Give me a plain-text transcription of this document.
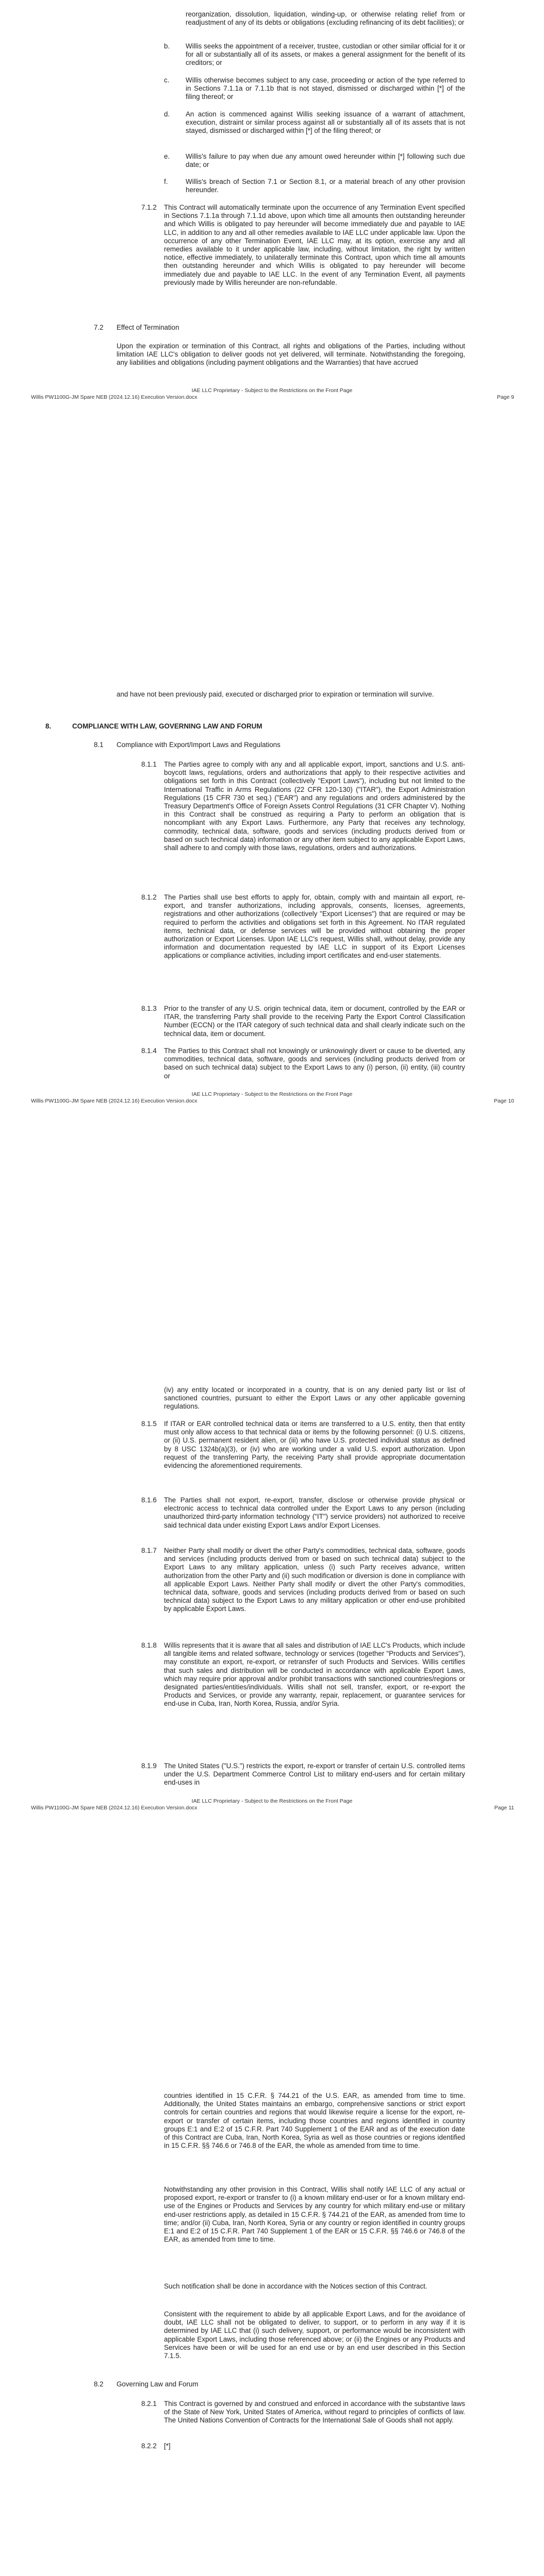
reorganization, dissolution, liquidation, winding-up, or otherwise relating relief from or readjustment of any of its debts or obligations (excluding refinancing of its debt facilities); or

b. Willis seeks the appointment of a receiver, trustee, custodian or other similar official for it or for all or substantially all of its assets, or makes a general assignment for the benefit of its creditors; or

c. Willis otherwise becomes subject to any case, proceeding or action of the type referred to in Sections 7.1.1a or 7.1.1b that is not stayed, dismissed or discharged within [*] of the filing thereof; or

d. An action is commenced against Willis seeking issuance of a warrant of attachment, execution, distraint or similar process against all or substantially all of its assets that is not stayed, dismissed or discharged within [*] of the filing thereof; or

e. Willis's failure to pay when due any amount owed hereunder within [*] following such due date; or

f.	Willis's breach of Section 7.1 or Section 8.1, or a material breach of any other provision hereunder.

7.1.2 This Contract will automatically terminate upon the occurrence of any Termination Event specified in Sections 7.1.1a through 7.1.1d above, upon which time all amounts then outstanding hereunder and which Willis is obligated to pay hereunder will become immediately due and payable to IAE LLC, in addition to any and all other remedies available to IAE LLC under applicable law. Upon the occurrence of any other Termination Event, IAE LLC may, at its option, exercise any and all remedies available to it under applicable law, including, without limitation, the right by written notice, effective immediately, to unilaterally terminate this Contract, upon which time all amounts then outstanding hereunder and which Willis is obligated to pay hereunder will become immediately due and payable to IAE LLC. In the event of any Termination Event, all payments previously made by Willis hereunder are non-refundable.

7.2 Effect of Termination

Upon the expiration or termination of this Contract, all rights and obligations of the Parties, including without limitation IAE LLC's obligation to deliver goods not yet delivered, will terminate. Notwithstanding the foregoing, any liabilities and obligations (including payment obligations and the Warranties) that have accrued

IAE LLC Proprietary - Subject to the Restrictions on the Front Page

Willis PW1100G-JM Spare NEB (2024.12.16) Execution Version.docx	Page 9

and have not been previously paid, executed or discharged prior to expiration or termination will survive.

8.	COMPLIANCE WITH LAW, GOVERNING LAW AND FORUM

8.1 Compliance with Export/Import Laws and Regulations

8.1.1 The Parties agree to comply with any and all applicable export, import, sanctions and U.S. anti-boycott laws, regulations, orders and authorizations that apply to their respective activities and obligations set forth in this Contract (collectively "Export Laws"), including but not limited to the International Traffic in Arms Regulations (22 CFR 120-130) ("ITAR"), the Export Administration Regulations (15 CFR 730 et seq.) ("EAR") and any regulations and orders administered by the Treasury Department's Office of Foreign Assets Control Regulations (31 CFR Chapter V). Nothing in this Contract shall be construed as requiring a Party to perform an obligation that is noncompliant with any Export Laws. Furthermore, any Party that receives any technology, commodity, technical data, software, goods and services (including products derived from or based on such technical data) information or any other item subject to any applicable Export Laws, shall adhere to and comply with those laws, regulations, orders and authorizations.

8.1.2 The Parties shall use best efforts to apply for, obtain, comply with and maintain all export, re-export, and transfer authorizations, including approvals, consents, licenses, agreements, registrations and other authorizations (collectively "Export Licenses") that are required or may be required to perform the activities and obligations set forth in this Agreement. No ITAR regulated items, technical data, or defense services will be provided without obtaining the proper authorization or Export Licenses. Upon IAE LLC's request, Willis shall, without delay, provide any information and documentation requested by IAE LLC in support of its Export Licenses applications or compliance activities, including import certificates and end-user statements.

8.1.3 Prior to the transfer of any U.S. origin technical data, item or document, controlled by the EAR or ITAR, the transferring Party shall provide to the receiving Party the Export Control Classification Number (ECCN) or the ITAR category of such technical data and shall clearly indicate such on the technical data, item or document.

8.1.4 The Parties to this Contract shall not knowingly or unknowingly divert or cause to be diverted, any commodities, technical data, software, goods and services (including products derived from or based on such technical data) subject to the Export Laws to any (i) person, (ii) entity, (iii) country or

IAE LLC Proprietary - Subject to the Restrictions on the Front Page

Willis PW1100G-JM Spare NEB (2024.12.16) Execution Version.docx	Page 10

(iv) any entity located or incorporated in a country, that is on any denied party list or list of sanctioned countries, pursuant to either the Export Laws or any other applicable governing regulations.

8.1.5 If ITAR or EAR controlled technical data or items are transferred to a U.S. entity, then that entity must only allow access to that technical data or items by the following personnel: (i) U.S. citizens, or (ii) U.S. permanent resident alien, or (iii) who have U.S. protected individual status as defined by 8 USC 1324b(a)(3), or (iv) who are working under a valid U.S. export authorization. Upon request of the transferring Party, the receiving Party shall provide appropriate documentation evidencing the aforementioned requirements.

8.1.6 The Parties shall not export, re-export, transfer, disclose or otherwise provide physical or electronic access to technical data controlled under the Export Laws to any person (including unauthorized third-party information technology ("IT") service providers) not authorized to receive said technical data under existing Export Laws and/or Export Licenses.

8.1.7 Neither Party shall modify or divert the other Party's commodities, technical data, software, goods and services (including products derived from or based on such technical data) subject to the Export Laws to any military application, unless (i) such Party receives advance, written authorization from the other Party and (ii) such modification or diversion is done in compliance with all applicable Export Laws. Neither Party shall modify or divert the other Party's commodities, technical data, software, goods and services (including products derived from or based on such technical data) subject to the Export Laws to any military application or other end-use prohibited by applicable Export Laws.

8.1.8 Willis represents that it is aware that all sales and distribution of IAE LLC's Products, which include all tangible items and related software, technology or services (together "Products and Services"), may constitute an export, re-export, or retransfer of such Products and Services. Willis certifies that such sales and distribution will be conducted in accordance with applicable Export Laws, which may require prior approval and/or prohibit transactions with sanctioned countries/regions or designated parties/entities/individuals. Willis shall not sell, transfer, export, or re-export the Products and Services, or provide any warranty, repair, replacement, or guarantee services for end-use in Cuba, Iran, North Korea, Russia, and/or Syria.

8.1.9 The United States ("U.S.") restricts the export, re-export or transfer of certain U.S. controlled items under the U.S. Department Commerce Control List to military end-users and for certain military end-uses in

IAE LLC Proprietary - Subject to the Restrictions on the Front Page

Willis PW1100G-JM Spare NEB (2024.12.16) Execution Version.docx	Page 11

countries identified in 15 C.F.R. § 744.21 of the U.S. EAR, as amended from time to time. Additionally, the United States maintains an embargo, comprehensive sanctions or strict export controls for certain countries and regions that would likewise require a license for the export, re-export or transfer of certain items, including those countries and regions identified in country groups E:1 and E:2 of 15 C.F.R. Part 740 Supplement 1 of the EAR and as of the execution date of this Contract are Cuba, Iran, North Korea, Syria as well as those countries or regions identified in 15 C.F.R. §§ 746.6 or 746.8 of the EAR, the whole as amended from time to time.

Notwithstanding any other provision in this Contract, Willis shall notify IAE LLC of any actual or proposed export, re-export or transfer to (i) a known military end-user or for a known military end-use of the Engines or Products and Services by any country for which military end-use or military end-user restrictions apply, as detailed in 15 C.F.R. § 744.21 of the EAR, as amended from time to time; and/or (ii) Cuba, Iran, North Korea, Syria or any country or region identified in country groups E:1 and E:2 of 15 C.F.R. Part 740 Supplement 1 of the EAR or 15 C.F.R. §§ 746.6 or 746.8 of the EAR, as amended from time to time.

Such notification shall be done in accordance with the Notices section of this Contract.

Consistent with the requirement to abide by all applicable Export Laws, and for the avoidance of doubt, IAE LLC shall not be obligated to deliver, to support, or to perform in any way if it is determined by IAE LLC that (i) such delivery, support, or performance would be inconsistent with applicable Export Laws, including those referenced above; or (ii) the Engines or any Products and Services have been or will be used for an end use or by an end user described in this Section 7.1.5.

8.2 Governing Law and Forum

8.2.1 This Contract is governed by and construed and enforced in accordance with the substantive laws of the State of New York, United States of America, without regard to principles of conflicts of law. The United Nations Convention of Contracts for the International Sale of Goods shall not apply.

8.2.2 [*]
